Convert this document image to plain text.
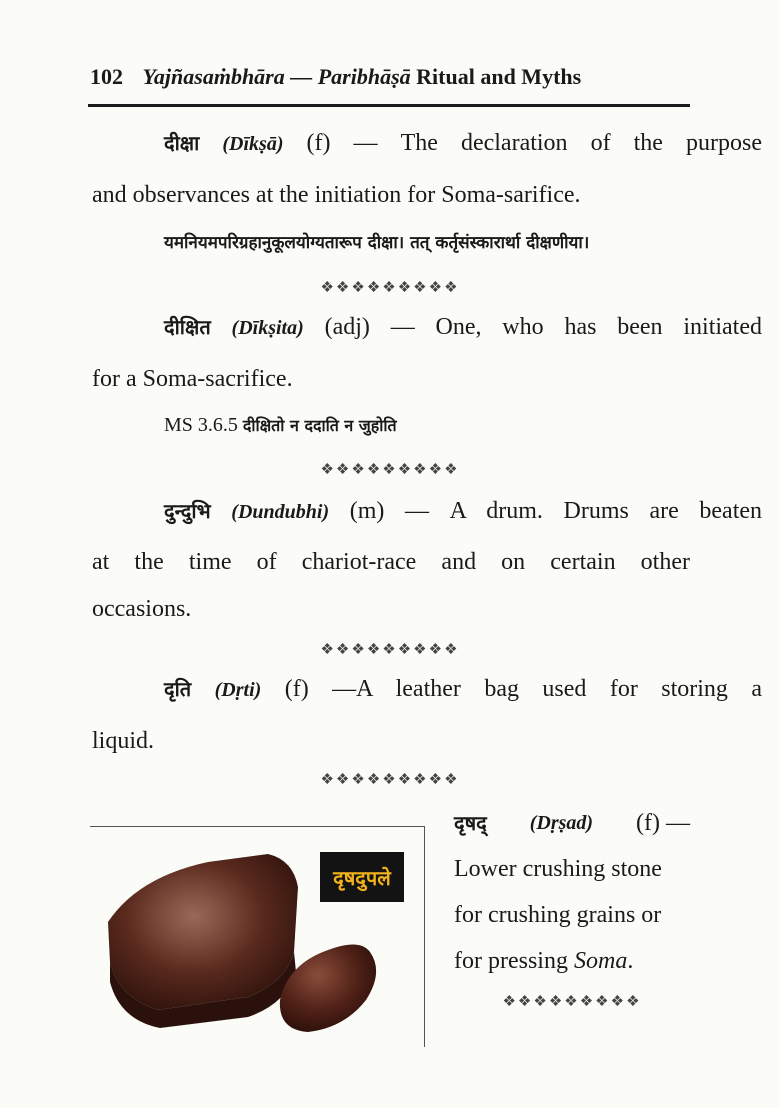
102 Yajñasaṁbhāra — Paribhāṣā Ritual and Myths
दीक्षा (Dīkṣā) (f) — The declaration of the purpose
and observances at the initiation for Soma-sarifice.
यमनियमपरिग्रहानुकूलयोग्यतारूप दीक्षा। तत् कर्तृसंस्कारार्था दीक्षणीया।
❖❖❖❖❖❖❖❖❖
दीक्षित (Dīkṣita) (adj) — One, who has been initiated
for a Soma-sacrifice.
MS 3.6.5 दीक्षितो न ददाति न जुहोति
❖❖❖❖❖❖❖❖❖
दुन्दुभि (Dundubhi) (m) — A drum. Drums are beaten
at the time of chariot-race and on certain other
occasions.
❖❖❖❖❖❖❖❖❖
दृति (Dṛti) (f) —A leather bag used for storing a
liquid.
❖❖❖❖❖❖❖❖❖
दृषदुपले
दृषद् (Dṛṣad) (f) —
Lower crushing stone
for crushing grains or
for pressing Soma.
❖❖❖❖❖❖❖❖❖
